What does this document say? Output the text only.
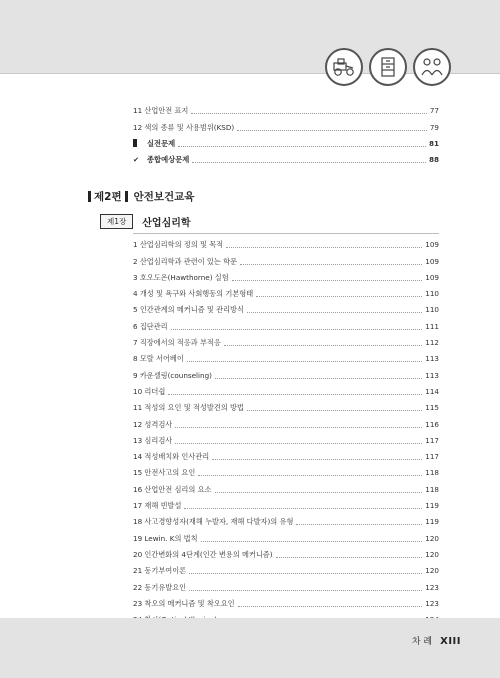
11 산업안전 표지	77
12 색의 종류 및 사용범위(KSD)	79
실전문제	81
✔ 종합예상문제	88
제2편 안전보건교육
제1장	산업심리학
1 산업심리학의 정의 및 목적	109
2 산업심리학과 관련이 있는 학문	109
3 호오도온(Hawthorne) 실험	109
4 개성 및 욕구와 사회행동의 기본형태	110
5 인간관계의 메커니즘 및 관리방식	110
6 집단관리	111
7 직장에서의 적응과 부적응	112
8 모랄 서어베이	113
9 카운셀링(counseling)	113
10 리더쉽	114
11 적성의 요인 및 적성발견의 방법	115
12 성격검사	116
13 심리검사	117
14 적성배치와 인사관리	117
15 안전사고의 요인	118
16 산업안전 심리의 요소	118
17 재해 빈발설	119
18 사고경향성자(재해 누발자, 재해 다발자)의 유형	119
19 Lewin. K의 법칙	120
20 인간변화의 4단계(인간 변용의 메커니즘)	120
21 동기부여이론	120
22 동기유발요인	123
23 착오의 메커니즘 및 착오요인	123
차 례 XIII
